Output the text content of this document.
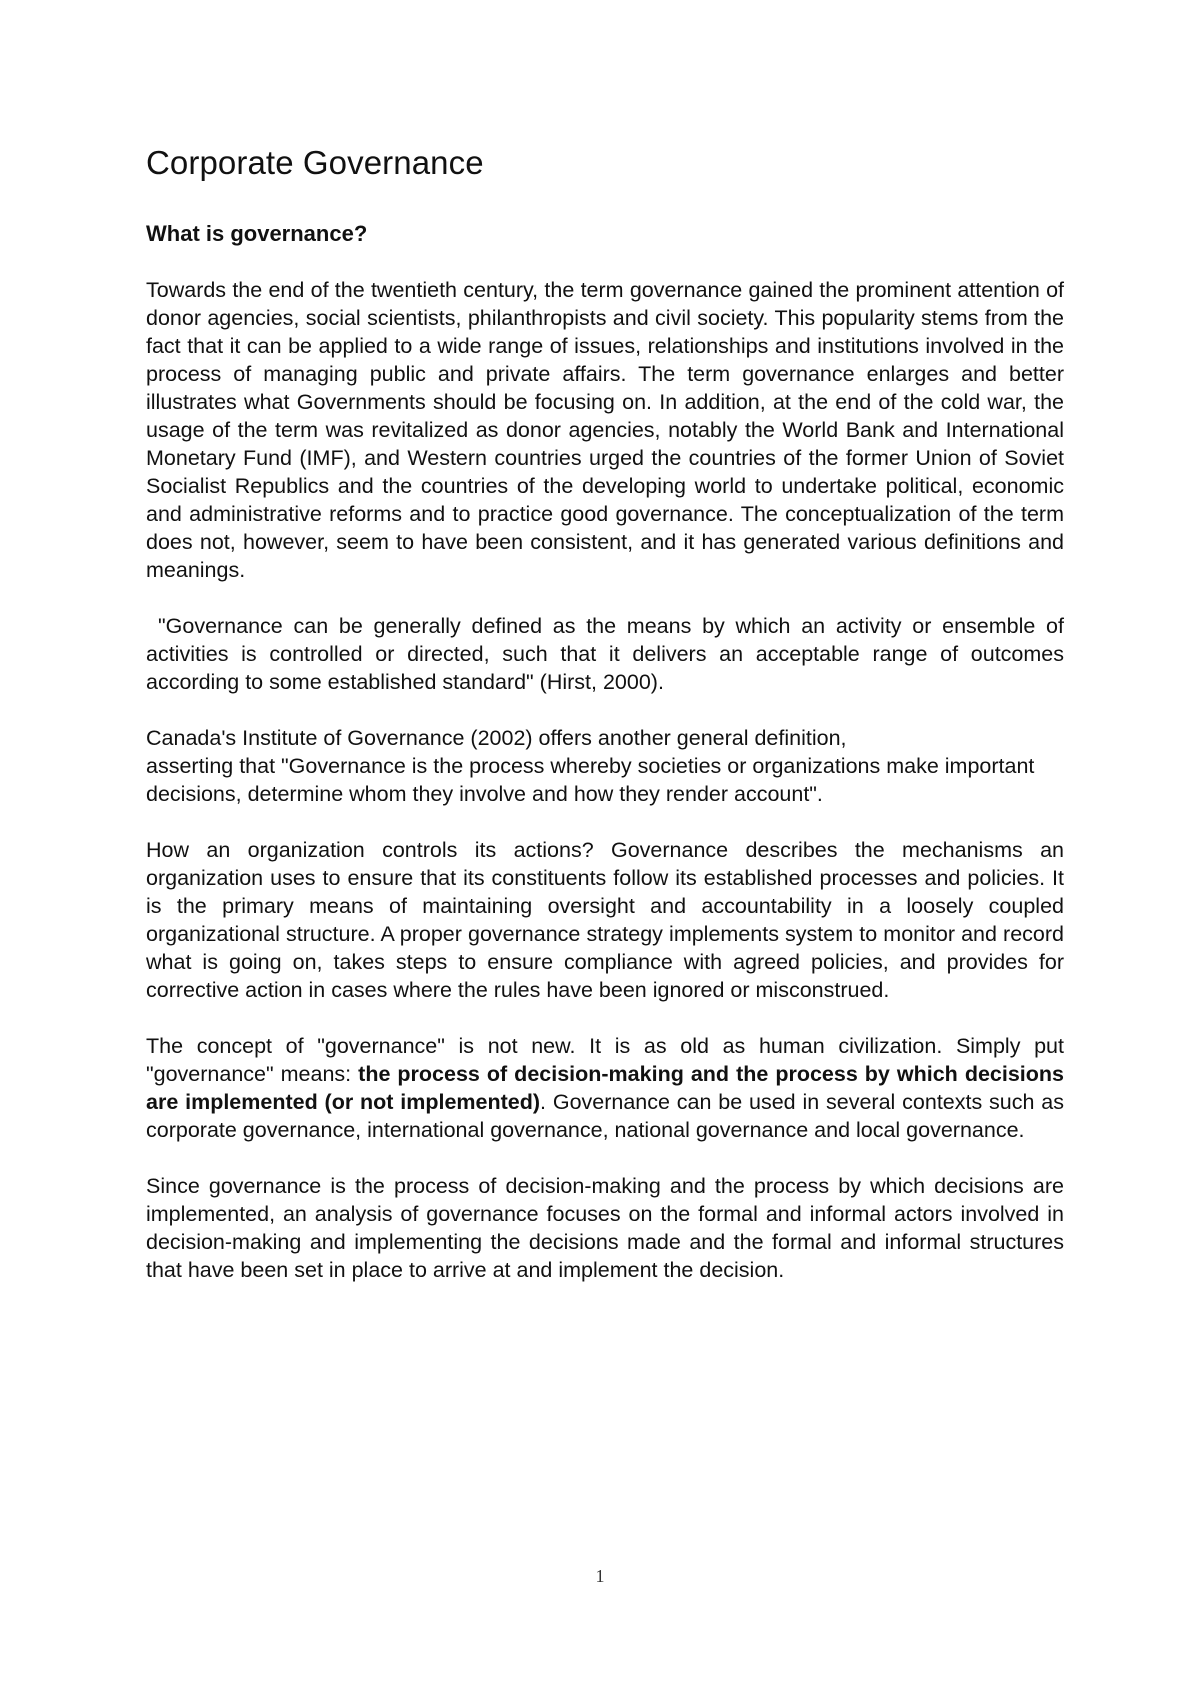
Corporate Governance
What is governance?

Towards the end of the twentieth century, the term governance gained the prominent attention of donor agencies, social scientists, philanthropists and civil society. This popularity stems from the fact that it can be applied to a wide range of issues, relationships and institutions involved in the process of managing public and private affairs. The term governance enlarges and better illustrates what Governments should be focusing on. In addition, at the end of the cold war, the usage of the term was revitalized as donor agencies, notably the World Bank and International Monetary Fund (IMF), and Western countries urged the countries of the former Union of Soviet Socialist Republics and the countries of the developing world to undertake political, economic and administrative reforms and to practice good governance. The conceptualization of the term does not, however, seem to have been consistent, and it has generated various definitions and meanings.

"Governance can be generally defined as the means by which an activity or ensemble of activities is controlled or directed, such that it delivers an acceptable range of outcomes according to some established standard" (Hirst, 2000).

Canada's Institute of Governance (2002) offers another general definition,
asserting that "Governance is the process whereby societies or organizations make important decisions, determine whom they involve and how they render account".

How an organization controls its actions? Governance describes the mechanisms an organization uses to ensure that its constituents follow its established processes and policies. It is the primary means of maintaining oversight and accountability in a loosely coupled organizational structure. A proper governance strategy implements system to monitor and record what is going on, takes steps to ensure compliance with agreed policies, and provides for corrective action in cases where the rules have been ignored or misconstrued.

The concept of "governance" is not new. It is as old as human civilization. Simply put "governance" means: the process of decision-making and the process by which decisions are implemented (or not implemented). Governance can be used in several contexts such as corporate governance, international governance, national governance and local governance.

Since governance is the process of decision-making and the process by which decisions are implemented, an analysis of governance focuses on the formal and informal actors involved in decision-making and implementing the decisions made and the formal and informal structures that have been set in place to arrive at and implement the decision.

1
